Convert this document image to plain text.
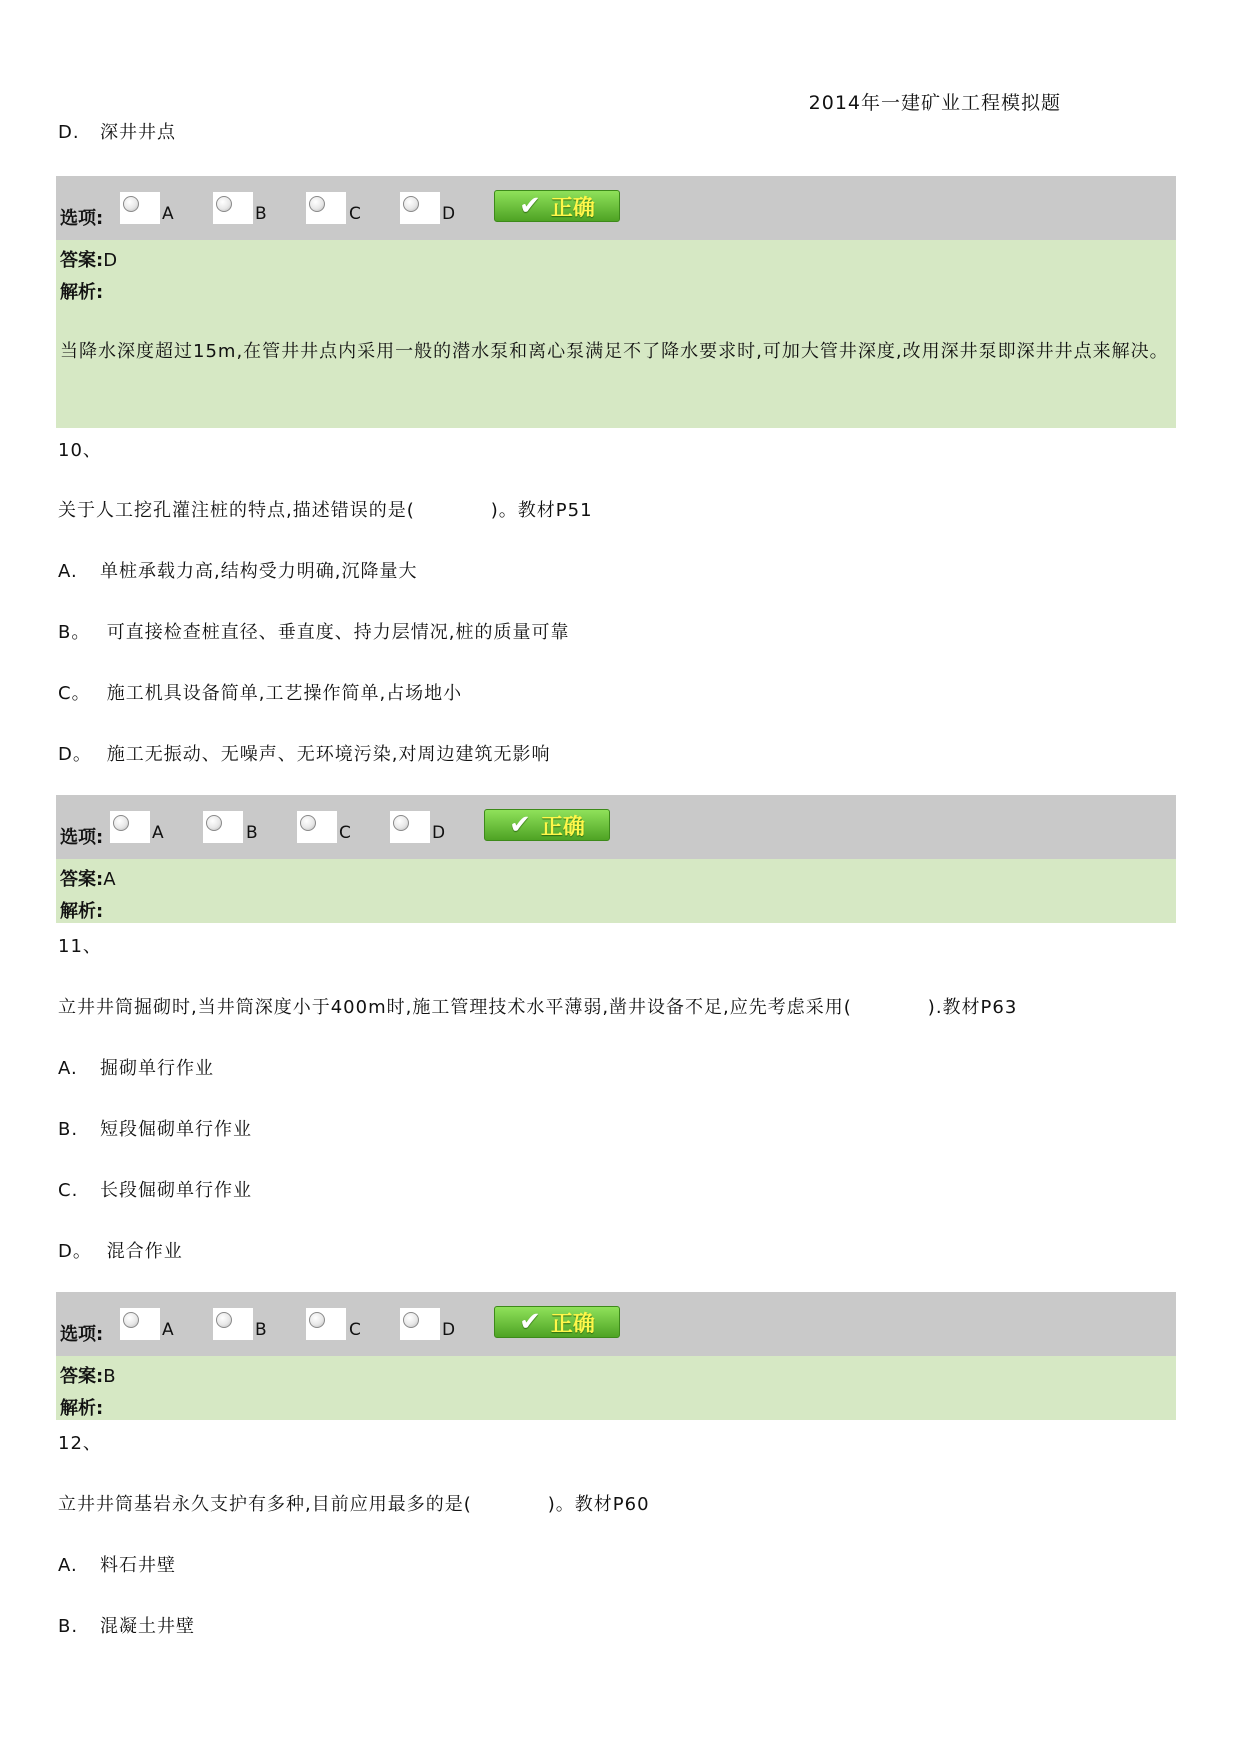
2014年一建矿业工程模拟题
D. 深井井点
选项:	A	B	C	D ✔ 正确
答案:D
解析:
当降水深度超过15m,在管井井点内采用一般的潜水泵和离心泵满足不了降水要求时,可加大管井深度,改用深井泵即深井井点来解决。
10、
关于人工挖孔灌注桩的特点,描述错误的是(　　　　)。教材P51
A. 单桩承载力高,结构受力明确,沉降量大
B。 可直接检查桩直径、垂直度、持力层情况,桩的质量可靠
C。 施工机具设备简单,工艺操作简单,占场地小
D。 施工无振动、无噪声、无环境污染,对周边建筑无影响
选项:	A	B	C	D ✔ 正确
答案:A
解析:
11、
立井井筒掘砌时,当井筒深度小于400m时,施工管理技术水平薄弱,凿井设备不足,应先考虑采用(　　　　).教材P63
A. 掘砌单行作业
B. 短段倔砌单行作业
C. 长段倔砌单行作业
D。 混合作业
选项:	A	B	C	D ✔ 正确
答案:B
解析:
12、
立井井筒基岩永久支护有多种,目前应用最多的是(　　　　)。教材P60
A. 料石井壁
B. 混凝土井壁
